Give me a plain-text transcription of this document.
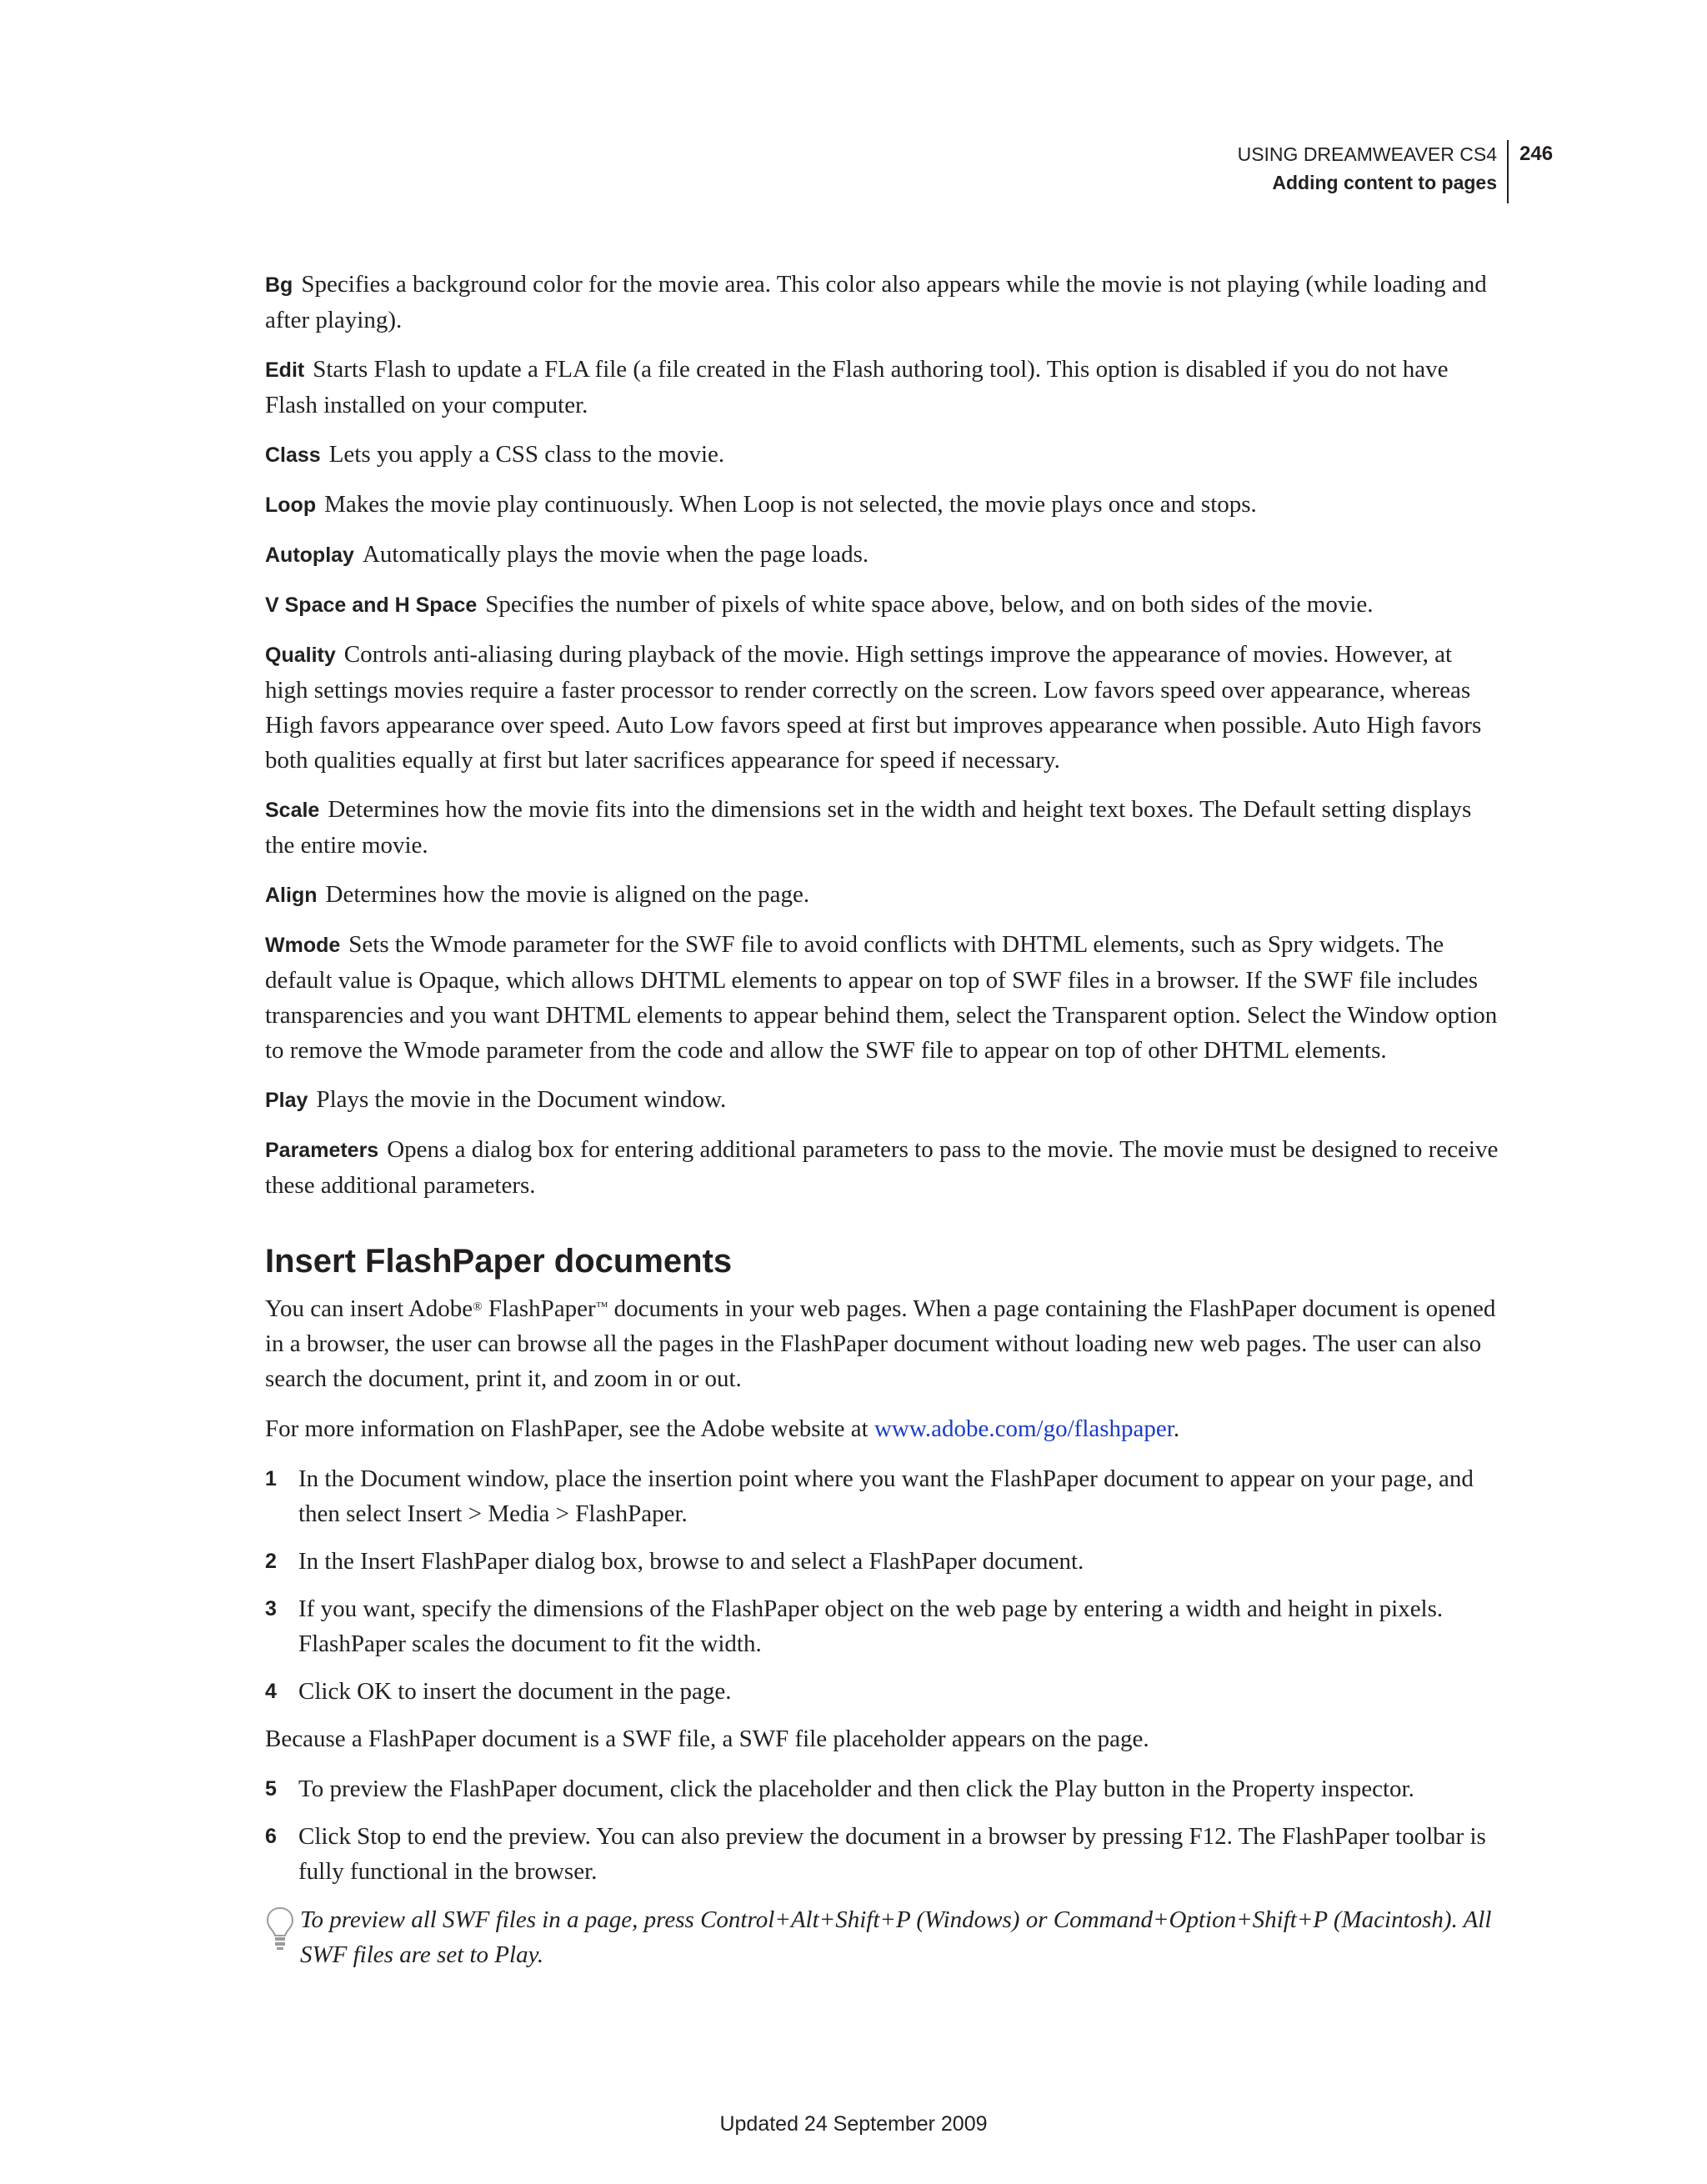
USING DREAMWEAVER CS4
Adding content to pages
246
Bg Specifies a background color for the movie area. This color also appears while the movie is not playing (while loading and after playing).
Edit Starts Flash to update a FLA file (a file created in the Flash authoring tool). This option is disabled if you do not have Flash installed on your computer.
Class Lets you apply a CSS class to the movie.
Loop Makes the movie play continuously. When Loop is not selected, the movie plays once and stops.
Autoplay Automatically plays the movie when the page loads.
V Space and H Space Specifies the number of pixels of white space above, below, and on both sides of the movie.
Quality Controls anti-aliasing during playback of the movie. High settings improve the appearance of movies. However, at high settings movies require a faster processor to render correctly on the screen. Low favors speed over appearance, whereas High favors appearance over speed. Auto Low favors speed at first but improves appearance when possible. Auto High favors both qualities equally at first but later sacrifices appearance for speed if necessary.
Scale Determines how the movie fits into the dimensions set in the width and height text boxes. The Default setting displays the entire movie.
Align Determines how the movie is aligned on the page.
Wmode Sets the Wmode parameter for the SWF file to avoid conflicts with DHTML elements, such as Spry widgets. The default value is Opaque, which allows DHTML elements to appear on top of SWF files in a browser. If the SWF file includes transparencies and you want DHTML elements to appear behind them, select the Transparent option. Select the Window option to remove the Wmode parameter from the code and allow the SWF file to appear on top of other DHTML elements.
Play Plays the movie in the Document window.
Parameters Opens a dialog box for entering additional parameters to pass to the movie. The movie must be designed to receive these additional parameters.
Insert FlashPaper documents

You can insert Adobe® FlashPaper™ documents in your web pages. When a page containing the FlashPaper document is opened in a browser, the user can browse all the pages in the FlashPaper document without loading new web pages. The user can also search the document, print it, and zoom in or out.

For more information on FlashPaper, see the Adobe website at www.adobe.com/go/flashpaper.

1 In the Document window, place the insertion point where you want the FlashPaper document to appear on your page, and then select Insert > Media > FlashPaper.
2 In the Insert FlashPaper dialog box, browse to and select a FlashPaper document.
3 If you want, specify the dimensions of the FlashPaper object on the web page by entering a width and height in pixels. FlashPaper scales the document to fit the width.
4 Click OK to insert the document in the page.

Because a FlashPaper document is a SWF file, a SWF file placeholder appears on the page.

5 To preview the FlashPaper document, click the placeholder and then click the Play button in the Property inspector.
6 Click Stop to end the preview. You can also preview the document in a browser by pressing F12. The FlashPaper toolbar is fully functional in the browser.
To preview all SWF files in a page, press Control+Alt+Shift+P (Windows) or Command+Option+Shift+P (Macintosh). All SWF files are set to Play.
Updated 24 September 2009
